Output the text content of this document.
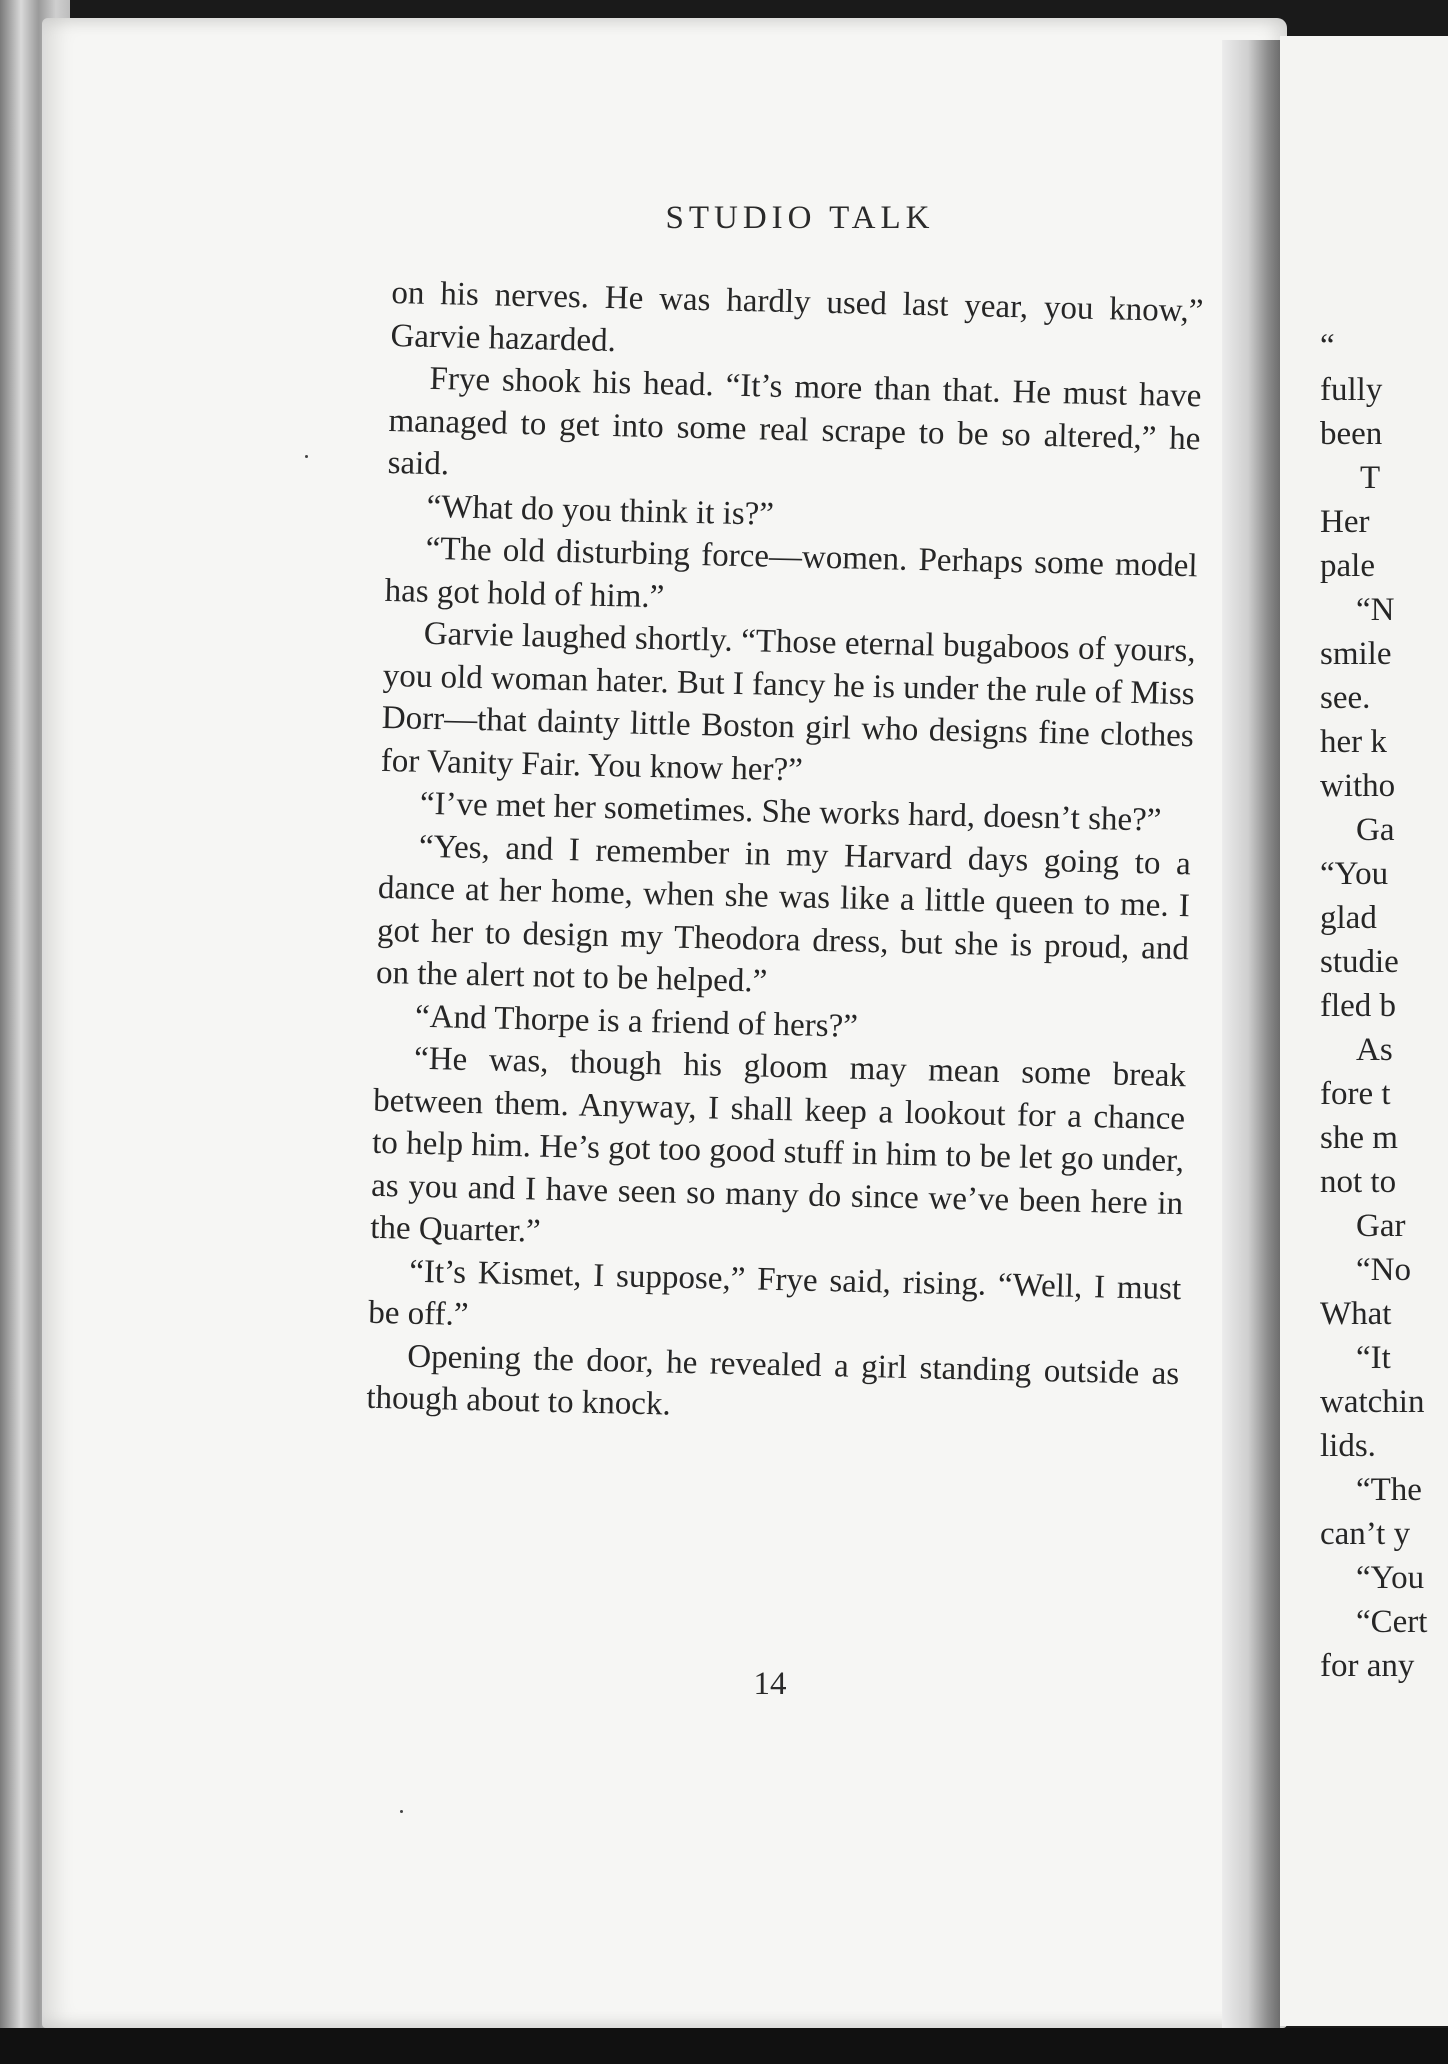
“
fully
been
T
Her
pale
“N
smile
see.
her k
witho
Ga
“You
glad
studie
fled b
As
fore t
she m
not to
Gar
“No
What
“It
watchin
lids.
“The
can’t y
“You
“Cert
for any
STUDIO TALK

on his nerves. He was hardly used last year, you know,” Garvie hazarded.

Frye shook his head. “It’s more than that. He must have managed to get into some real scrape to be so altered,” he said.

“What do you think it is?”

“The old disturbing force—women. Perhaps some model has got hold of him.”

Garvie laughed shortly. “Those eternal bugaboos of yours, you old woman hater. But I fancy he is under the rule of Miss Dorr—that dainty little Boston girl who designs fine clothes for Vanity Fair. You know her?”

“I’ve met her sometimes. She works hard, doesn’t she?”

“Yes, and I remember in my Harvard days going to a dance at her home, when she was like a little queen to me. I got her to design my Theodora dress, but she is proud, and on the alert not to be helped.”

“And Thorpe is a friend of hers?”

“He was, though his gloom may mean some break between them. Anyway, I shall keep a lookout for a chance to help him. He’s got too good stuff in him to be let go under, as you and I have seen so many do since we’ve been here in the Quarter.”

“It’s Kismet, I suppose,” Frye said, rising. “Well, I must be off.”

Opening the door, he revealed a girl standing outside as though about to knock.

14
